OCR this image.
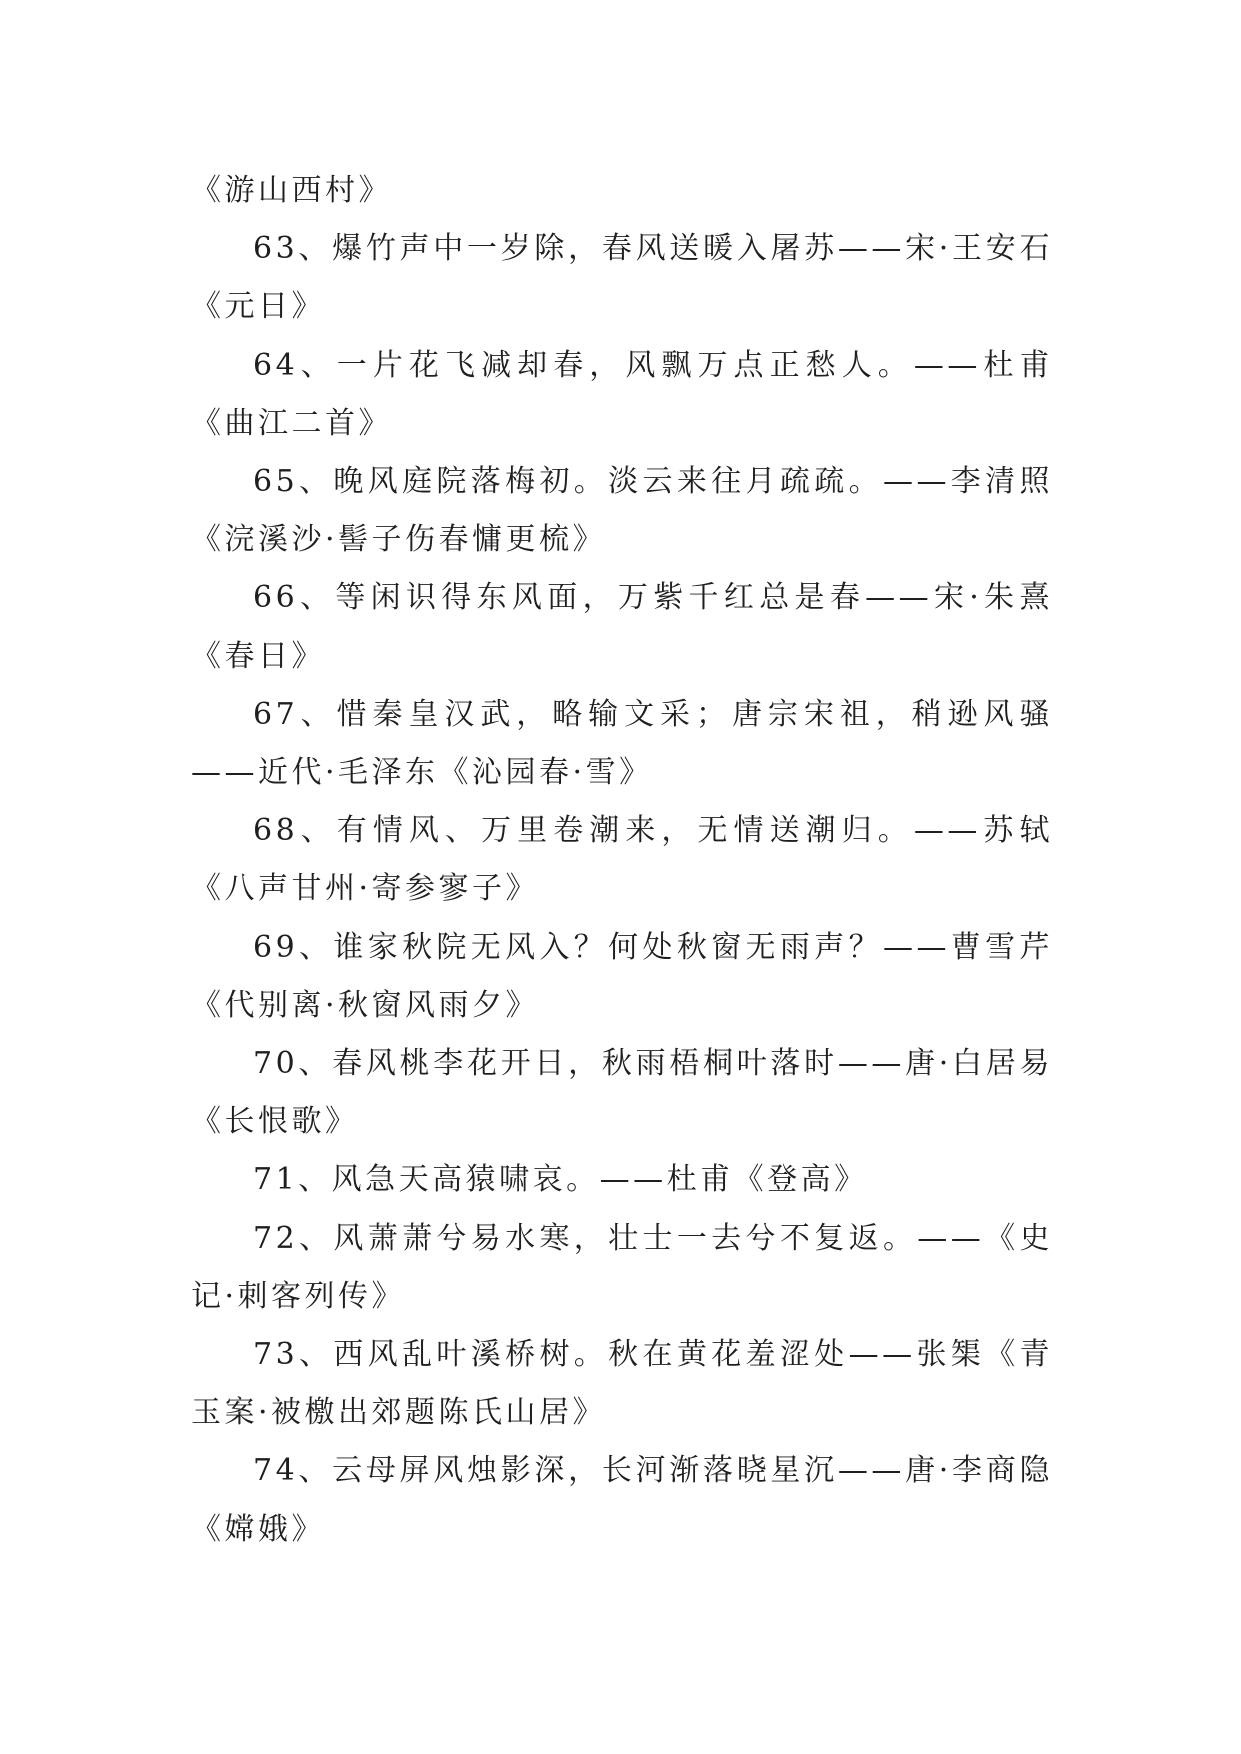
《游山西村》

63、爆竹声中一岁除，春风送暖入屠苏——宋·王安石《元日》

64、一片花飞减却春，风飘万点正愁人。——杜甫《曲江二首》

65、晚风庭院落梅初。淡云来往月疏疏。——李清照《浣溪沙·髻子伤春慵更梳》

66、等闲识得东风面，万紫千红总是春——宋·朱熹《春日》

67、惜秦皇汉武，略输文采；唐宗宋祖，稍逊风骚——近代·毛泽东《沁园春·雪》

68、有情风、万里卷潮来，无情送潮归。——苏轼《八声甘州·寄参寥子》

69、谁家秋院无风入？何处秋窗无雨声？——曹雪芹《代别离·秋窗风雨夕》

70、春风桃李花开日，秋雨梧桐叶落时——唐·白居易《长恨歌》

71、风急天高猿啸哀。——杜甫《登高》

72、风萧萧兮易水寒，壮士一去兮不复返。——《史记·刺客列传》

73、西风乱叶溪桥树。秋在黄花羞涩处——张榘《青玉案·被檄出郊题陈氏山居》

74、云母屏风烛影深，长河渐落晓星沉——唐·李商隐《嫦娥》
